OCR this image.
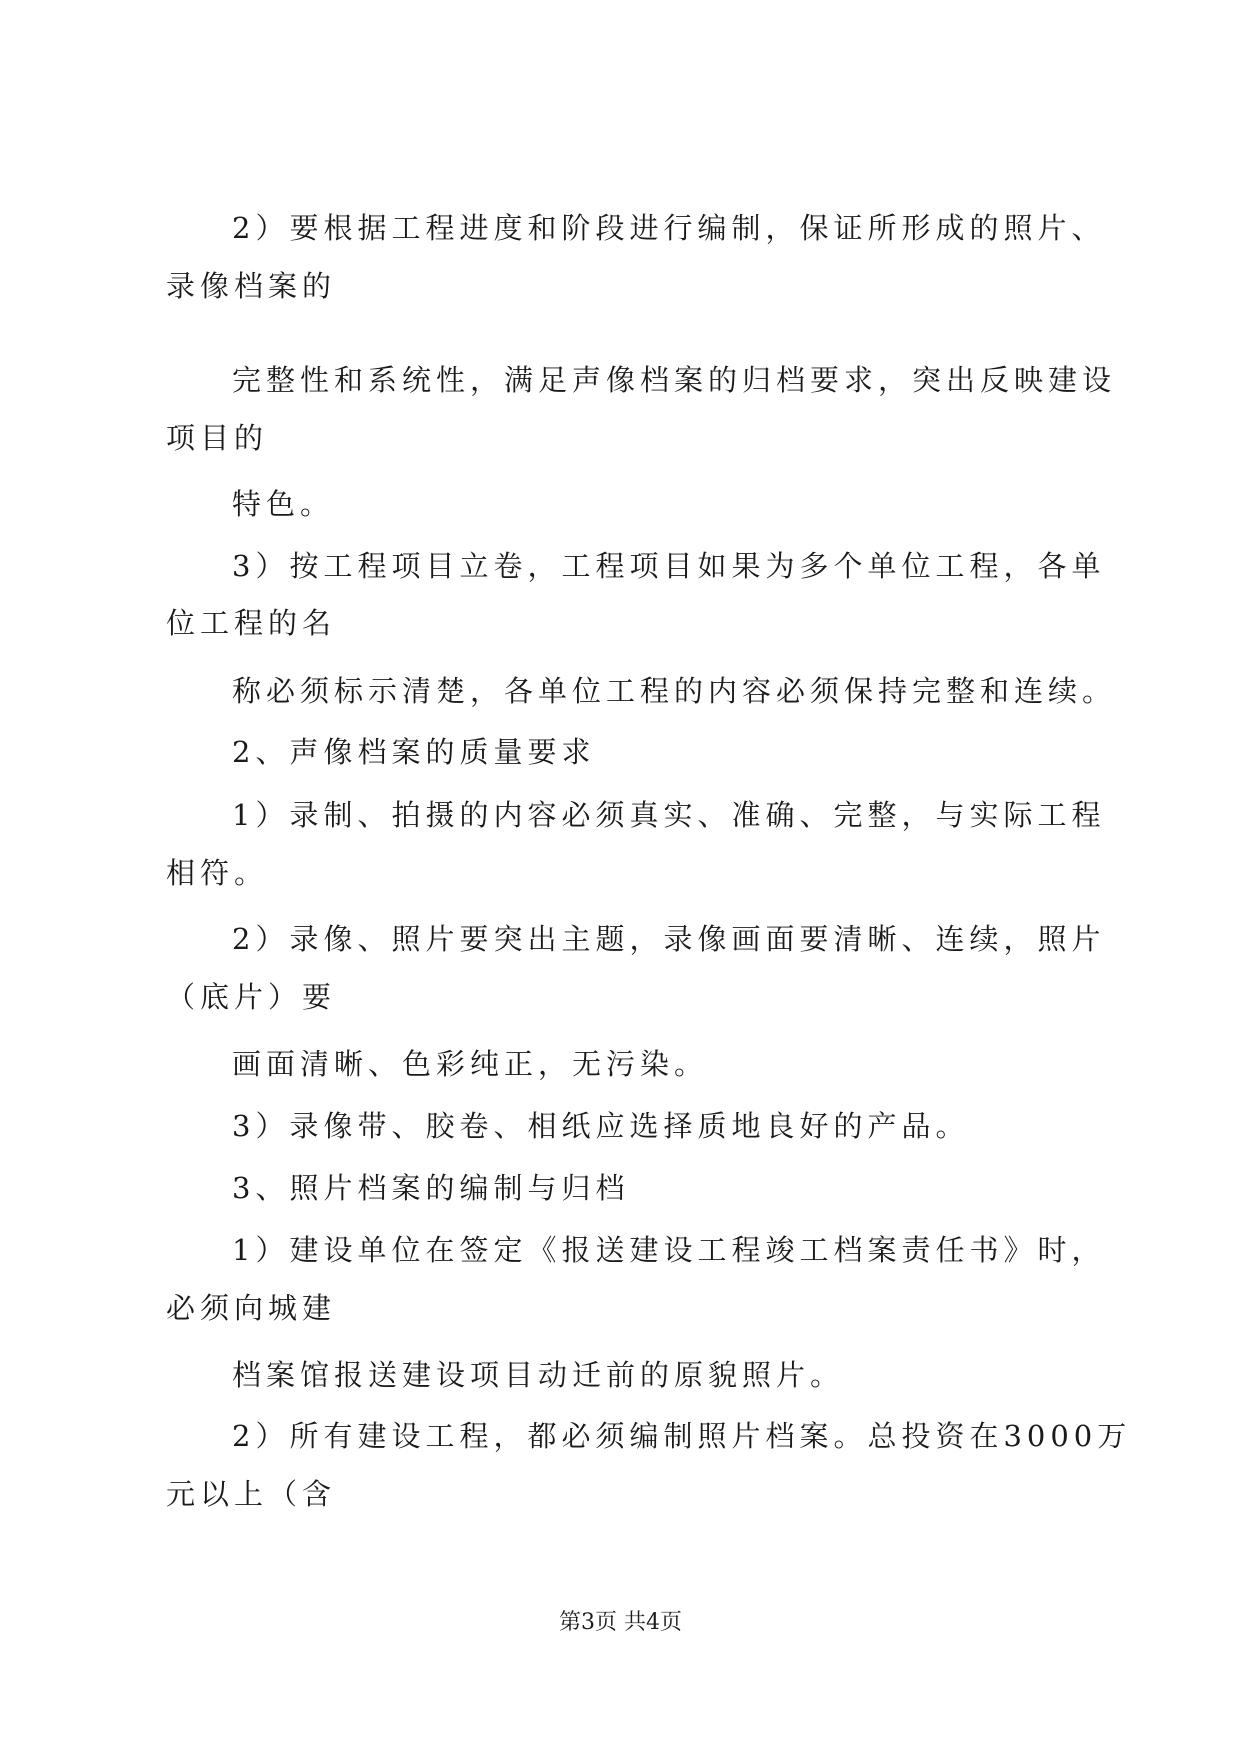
2）要根据工程进度和阶段进行编制，保证所形成的照片、
录像档案的
完整性和系统性，满足声像档案的归档要求，突出反映建设
项目的
特色。
3）按工程项目立卷，工程项目如果为多个单位工程，各单
位工程的名
称必须标示清楚，各单位工程的内容必须保持完整和连续。
2、声像档案的质量要求
1）录制、拍摄的内容必须真实、准确、完整，与实际工程
相符。
2）录像、照片要突出主题，录像画面要清晰、连续，照片
（底片）要
画面清晰、色彩纯正，无污染。
3）录像带、胶卷、相纸应选择质地良好的产品。
3、照片档案的编制与归档
1）建设单位在签定《报送建设工程竣工档案责任书》时，
必须向城建
档案馆报送建设项目动迁前的原貌照片。
2）所有建设工程，都必须编制照片档案。总投资在3000万
元以上（含
第3页 共4页
